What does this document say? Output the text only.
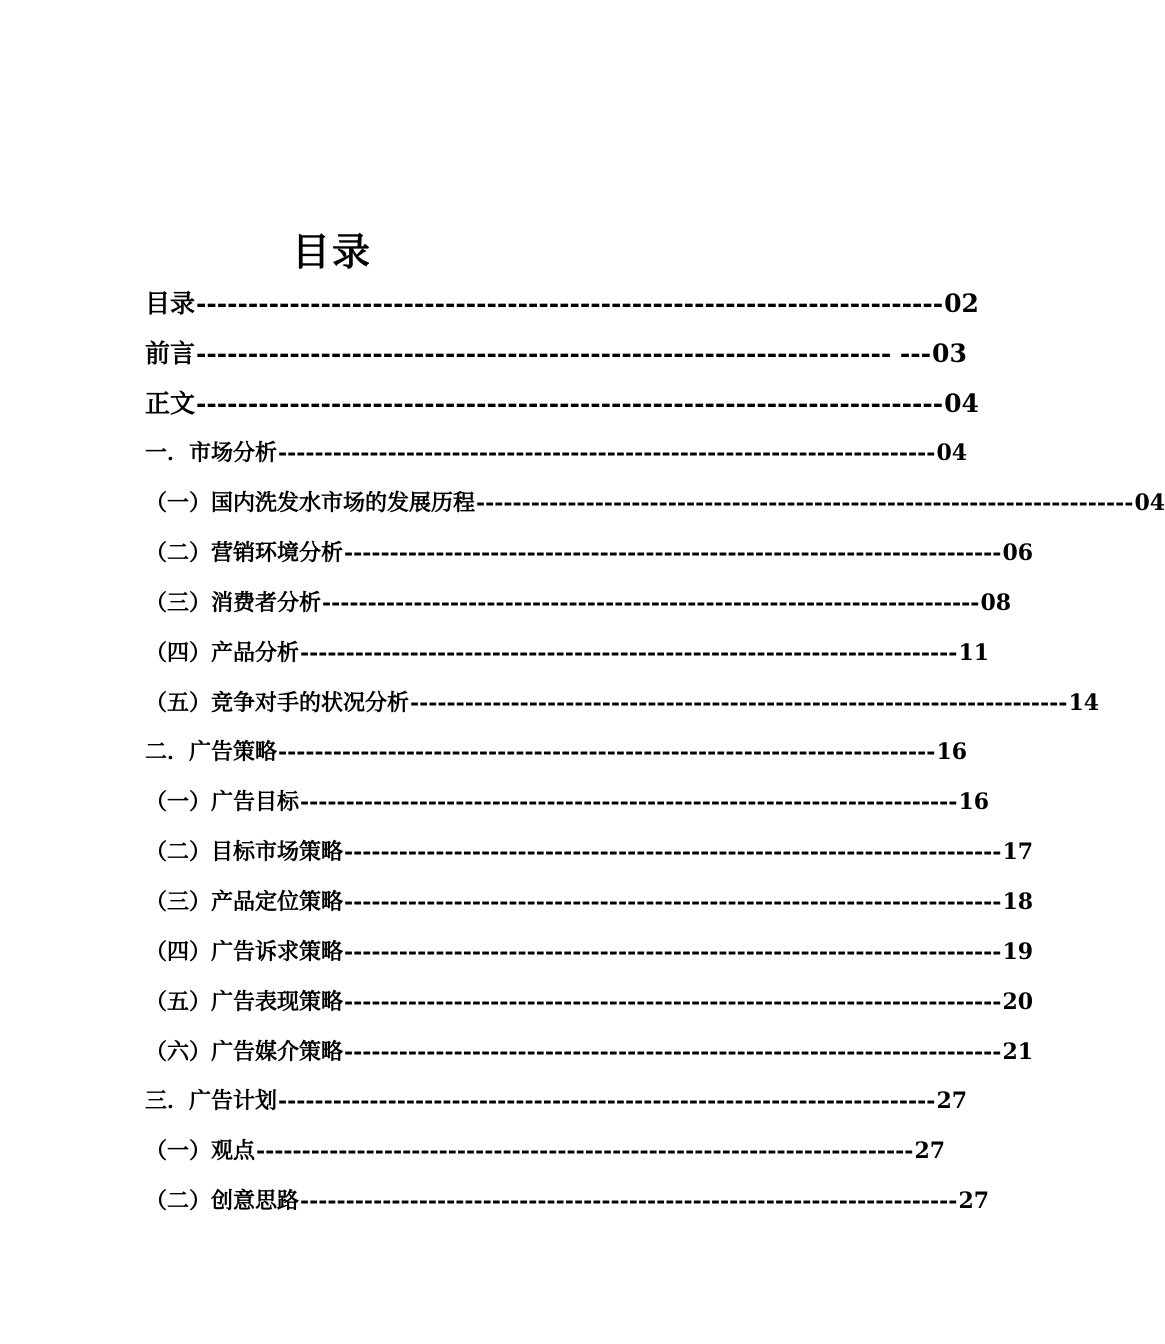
目录
目录 ------------------------------------------------------------------------ 02
前言 ------------------------------------------------------------------- --- 03
正文 ------------------------------------------------------------------------ 04
一．市场分析 ------------------------------------------------------------------------ 04
（一）国内洗发水市场的发展历程 ------------------------------------------------------------------------ 04
（二）营销环境分析 ------------------------------------------------------------------------ 06
（三）消费者分析 ------------------------------------------------------------------------ 08
（四）产品分析 ------------------------------------------------------------------------ 11
（五）竞争对手的状况分析 ------------------------------------------------------------------------ 14
二．广告策略 ------------------------------------------------------------------------ 16
（一）广告目标 ------------------------------------------------------------------------ 16
（二）目标市场策略 ------------------------------------------------------------------------ 17
（三）产品定位策略 ------------------------------------------------------------------------ 18
（四）广告诉求策略 ------------------------------------------------------------------------ 19
（五）广告表现策略 ------------------------------------------------------------------------ 20
（六）广告媒介策略 ------------------------------------------------------------------------ 21
三．广告计划 ------------------------------------------------------------------------ 27
（一）观点 ------------------------------------------------------------------------ 27
（二）创意思路 ------------------------------------------------------------------------ 27
